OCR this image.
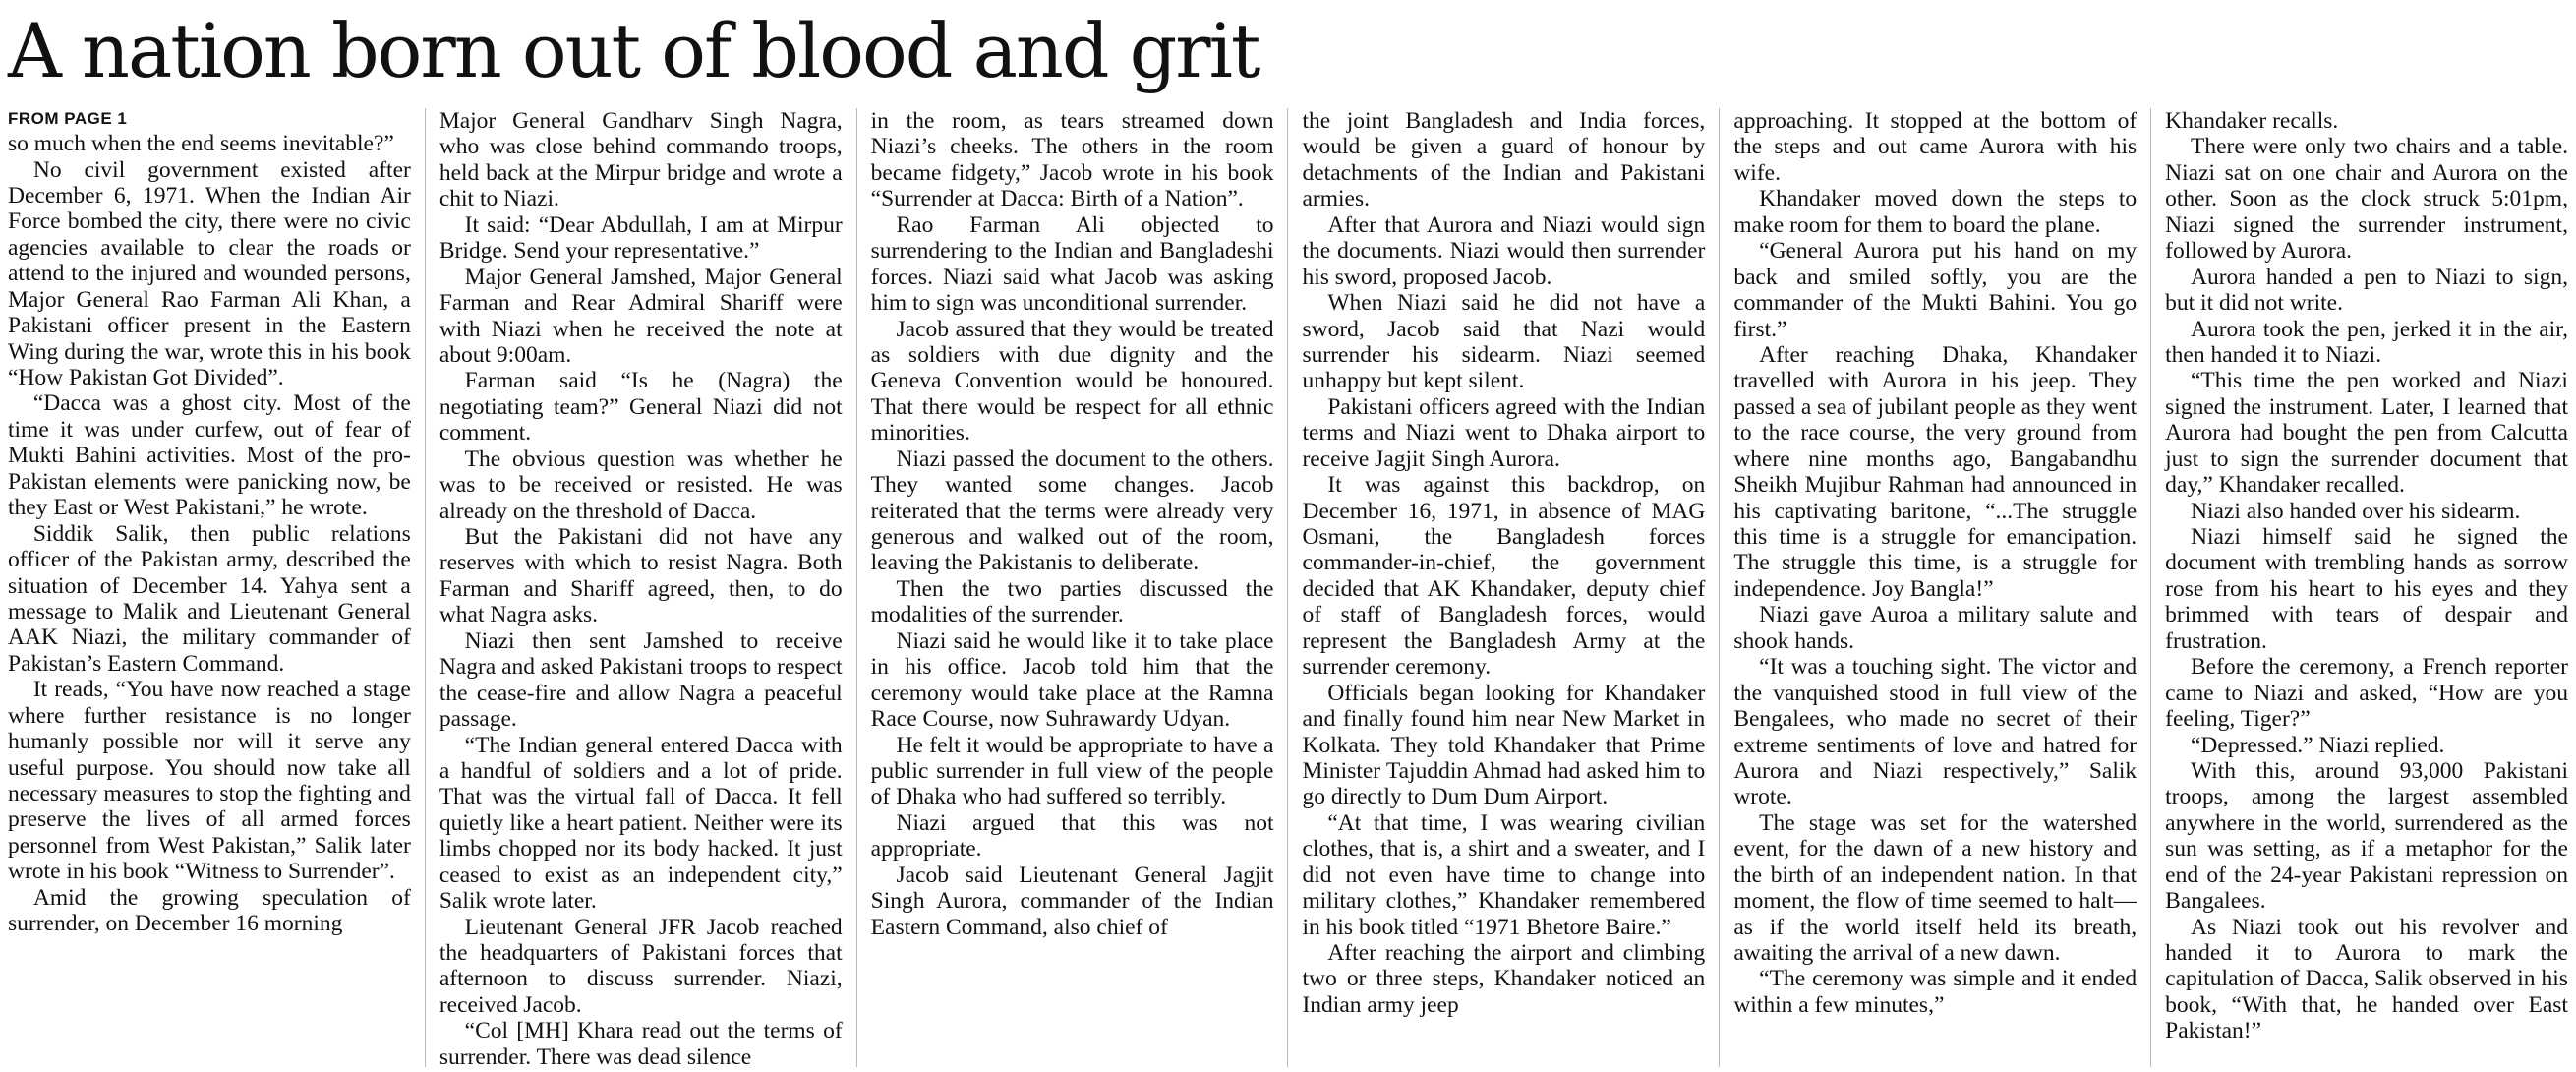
A nation born out of blood and grit
FROM PAGE 1

so much when the end seems inevitable?”

No civil government existed after December 6, 1971. When the Indian Air Force bombed the city, there were no civic agencies available to clear the roads or attend to the injured and wounded persons, Major General Rao Farman Ali Khan, a Pakistani officer present in the Eastern Wing during the war, wrote this in his book “How Pakistan Got Divided”.

“Dacca was a ghost city. Most of the time it was under curfew, out of fear of Mukti Bahini activities. Most of the pro-Pakistan elements were panicking now, be they East or West Pakistani,” he wrote.

Siddik Salik, then public relations officer of the Pakistan army, described the situation of December 14. Yahya sent a message to Malik and Lieutenant General AAK Niazi, the military commander of Pakistan’s Eastern Command.

It reads, “You have now reached a stage where further resistance is no longer humanly possible nor will it serve any useful purpose. You should now take all necessary measures to stop the fighting and preserve the lives of all armed forces personnel from West Pakistan,” Salik later wrote in his book “Witness to Surrender”.

Amid the growing speculation of surrender, on December 16 morning

Major General Gandharv Singh Nagra, who was close behind commando troops, held back at the Mirpur bridge and wrote a chit to Niazi.

It said: “Dear Abdullah, I am at Mirpur Bridge. Send your representative.”

Major General Jamshed, Major General Farman and Rear Admiral Shariff were with Niazi when he received the note at about 9:00am.

Farman said “Is he (Nagra) the negotiating team?” General Niazi did not comment.

The obvious question was whether he was to be received or resisted. He was already on the threshold of Dacca.

But the Pakistani did not have any reserves with which to resist Nagra. Both Farman and Shariff agreed, then, to do what Nagra asks.

Niazi then sent Jamshed to receive Nagra and asked Pakistani troops to respect the cease-fire and allow Nagra a peaceful passage.

“The Indian general entered Dacca with a handful of soldiers and a lot of pride. That was the virtual fall of Dacca. It fell quietly like a heart patient. Neither were its limbs chopped nor its body hacked. It just ceased to exist as an independent city,” Salik wrote later.

Lieutenant General JFR Jacob reached the headquarters of Pakistani forces that afternoon to discuss surrender. Niazi, received Jacob.

“Col [MH] Khara read out the terms of surrender. There was dead silence

in the room, as tears streamed down Niazi’s cheeks. The others in the room became fidgety,” Jacob wrote in his book “Surrender at Dacca: Birth of a Nation”.

Rao Farman Ali objected to surrendering to the Indian and Bangladeshi forces. Niazi said what Jacob was asking him to sign was unconditional surrender.

Jacob assured that they would be treated as soldiers with due dignity and the Geneva Convention would be honoured. That there would be respect for all ethnic minorities.

Niazi passed the document to the others. They wanted some changes. Jacob reiterated that the terms were already very generous and walked out of the room, leaving the Pakistanis to deliberate.

Then the two parties discussed the modalities of the surrender.

Niazi said he would like it to take place in his office. Jacob told him that the ceremony would take place at the Ramna Race Course, now Suhrawardy Udyan.

He felt it would be appropriate to have a public surrender in full view of the people of Dhaka who had suffered so terribly.

Niazi argued that this was not appropriate.

Jacob said Lieutenant General Jagjit Singh Aurora, commander of the Indian Eastern Command, also chief of

the joint Bangladesh and India forces, would be given a guard of honour by detachments of the Indian and Pakistani armies.

After that Aurora and Niazi would sign the documents. Niazi would then surrender his sword, proposed Jacob.

When Niazi said he did not have a sword, Jacob said that Nazi would surrender his sidearm. Niazi seemed unhappy but kept silent.

Pakistani officers agreed with the Indian terms and Niazi went to Dhaka airport to receive Jagjit Singh Aurora.

It was against this backdrop, on December 16, 1971, in absence of MAG Osmani, the Bangladesh forces commander-in-chief, the government decided that AK Khandaker, deputy chief of staff of Bangladesh forces, would represent the Bangladesh Army at the surrender ceremony.

Officials began looking for Khandaker and finally found him near New Market in Kolkata. They told Khandaker that Prime Minister Tajuddin Ahmad had asked him to go directly to Dum Dum Airport.

“At that time, I was wearing civilian clothes, that is, a shirt and a sweater, and I did not even have time to change into military clothes,” Khandaker remembered in his book titled “1971 Bhetore Baire.”

After reaching the airport and climbing two or three steps, Khandaker noticed an Indian army jeep

approaching. It stopped at the bottom of the steps and out came Aurora with his wife.

Khandaker moved down the steps to make room for them to board the plane.

“General Aurora put his hand on my back and smiled softly, you are the commander of the Mukti Bahini. You go first.”

After reaching Dhaka, Khandaker travelled with Aurora in his jeep. They passed a sea of jubilant people as they went to the race course, the very ground from where nine months ago, Bangabandhu Sheikh Mujibur Rahman had announced in his captivating baritone, “...The struggle this time is a struggle for emancipation. The struggle this time, is a struggle for independence. Joy Bangla!”

Niazi gave Auroa a military salute and shook hands.

“It was a touching sight. The victor and the vanquished stood in full view of the Bengalees, who made no secret of their extreme sentiments of love and hatred for Aurora and Niazi respectively,” Salik wrote.

The stage was set for the watershed event, for the dawn of a new history and the birth of an independent nation. In that moment, the flow of time seemed to halt—as if the world itself held its breath, awaiting the arrival of a new dawn.

“The ceremony was simple and it ended within a few minutes,”

Khandaker recalls.

There were only two chairs and a table. Niazi sat on one chair and Aurora on the other. Soon as the clock struck 5:01pm, Niazi signed the surrender instrument, followed by Aurora.

Aurora handed a pen to Niazi to sign, but it did not write.

Aurora took the pen, jerked it in the air, then handed it to Niazi.

“This time the pen worked and Niazi signed the instrument. Later, I learned that Aurora had bought the pen from Calcutta just to sign the surrender document that day,” Khandaker recalled.

Niazi also handed over his sidearm.

Niazi himself said he signed the document with trembling hands as sorrow rose from his heart to his eyes and they brimmed with tears of despair and frustration.

Before the ceremony, a French reporter came to Niazi and asked, “How are you feeling, Tiger?”

“Depressed.” Niazi replied.

With this, around 93,000 Pakistani troops, among the largest assembled anywhere in the world, surrendered as the sun was setting, as if a metaphor for the end of the 24-year Pakistani repression on Bangalees.

As Niazi took out his revolver and handed it to Aurora to mark the capitulation of Dacca, Salik observed in his book, “With that, he handed over East Pakistan!”
